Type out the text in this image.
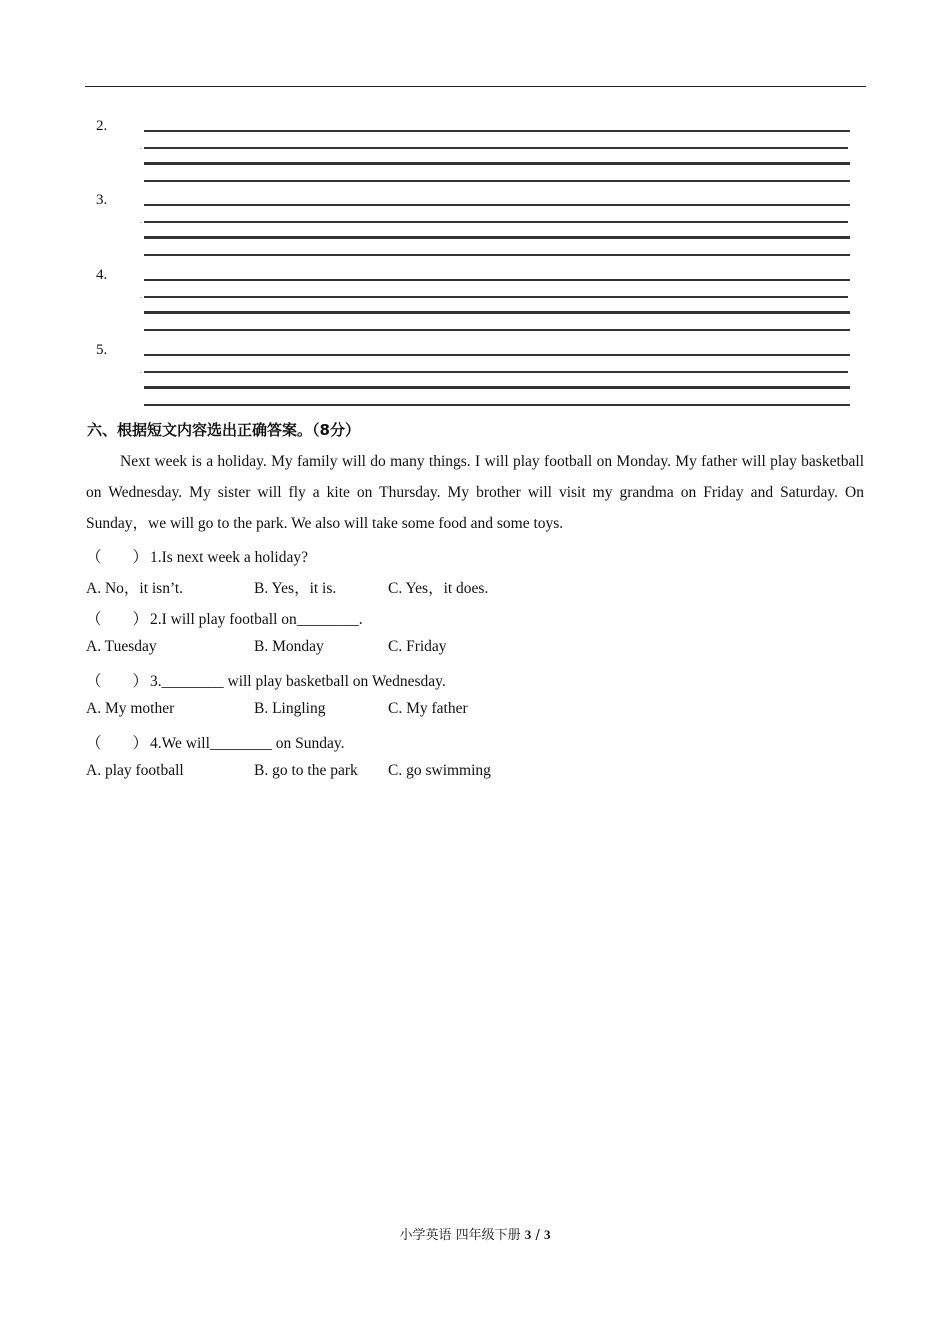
2.
.
3.
.
4.
.
5.
.
六、根据短文内容选出正确答案。（8分）

Next week is a holiday. My family will do many things. I will play football on Monday. My father will play basketball on Wednesday. My sister will fly a kite on Thursday. My brother will visit my grandma on Friday and Saturday. On Sunday，we will go to the park. We also will take some food and some toys.

（　　） 1.Is next week a holiday?
A. No，it isn’t.	B. Yes，it is.	C. Yes，it does.
（　　） 2.I will play football on________.
A. Tuesday	B. Monday	C. Friday
（　　） 3.________ will play basketball on Wednesday.
A. My mother	B. Lingling	C. My father
（　　） 4.We will________ on Sunday.
A. play football	B. go to the park C. go swimming
小学英语 四年级下册 3 / 3
